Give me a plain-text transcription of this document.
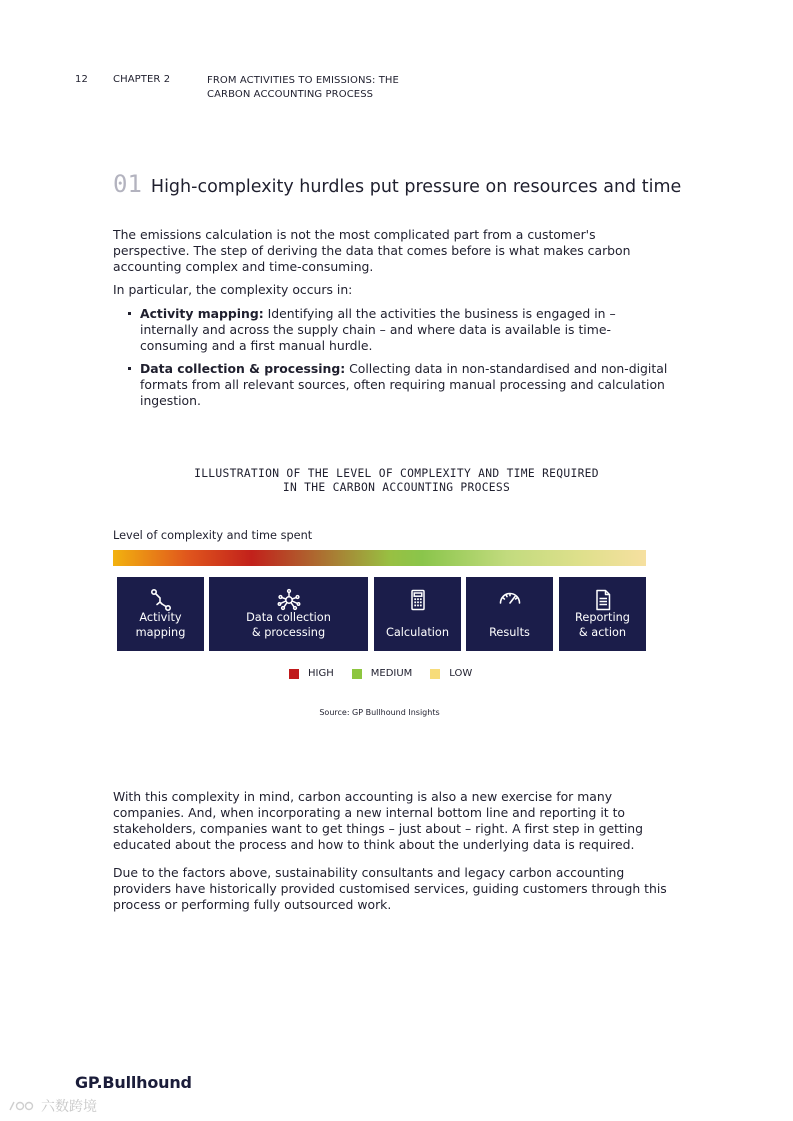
12	CHAPTER 2	FROM ACTIVITIES TO EMISSIONS: THE
CARBON ACCOUNTING PROCESS
01 High-complexity hurdles put pressure on resources and time

The emissions calculation is not the most complicated part from a customer's perspective. The step of deriving the data that comes before is what makes carbon accounting complex and time-consuming.

In particular, the complexity occurs in:

Activity mapping: Identifying all the activities the business is engaged in – internally and across the supply chain – and where data is available is time-consuming and a first manual hurdle.
Data collection & processing: Collecting data in non-standardised and non-digital formats from all relevant sources, often requiring manual processing and calculation ingestion.
ILLUSTRATION OF THE LEVEL OF COMPLEXITY AND TIME REQUIRED
IN THE CARBON ACCOUNTING PROCESS
Level of complexity and time spent
Activity
mapping
Data collection
& processing	Calculation	Results
Reporting
& action
HIGH	MEDIUM	LOW
Source: GP Bullhound Insights

With this complexity in mind, carbon accounting is also a new exercise for many companies. And, when incorporating a new internal bottom line and reporting it to stakeholders, companies want to get things – just about – right. A first step in getting educated about the process and how to think about the underlying data is required.

Due to the factors above, sustainability consultants and legacy carbon accounting providers have historically provided customised services, guiding customers through this process or performing fully outsourced work.

GP.Bullhound
六数跨境
